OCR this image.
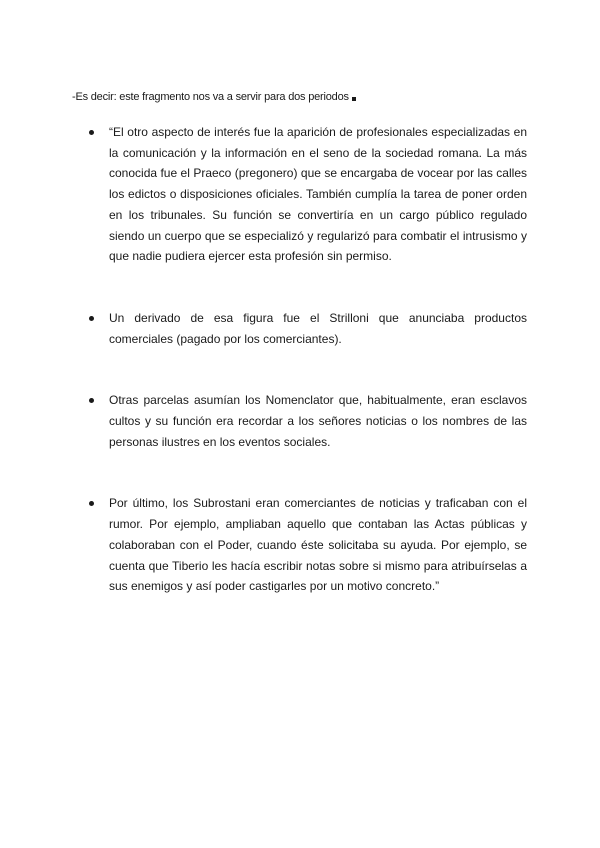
-Es decir: este fragmento nos va a servir para dos periodos
“El otro aspecto de interés fue la aparición de profesionales especializadas en la comunicación y la información en el seno de la sociedad romana. La más conocida fue el Praeco (pregonero) que se encargaba de vocear por las calles los edictos o disposiciones oficiales. También cumplía la tarea de poner orden en los tribunales. Su función se convertiría en un cargo público regulado siendo un cuerpo que se especializó y regularizó para combatir el intrusismo y que nadie pudiera ejercer esta profesión sin permiso.
Un derivado de esa figura fue el Strilloni que anunciaba productos comerciales (pagado por los comerciantes).
Otras parcelas asumían los Nomenclator que, habitualmente, eran esclavos cultos y su función era recordar a los señores noticias o los nombres de las personas ilustres en los eventos sociales.
Por último, los Subrostani eran comerciantes de noticias y traficaban con el rumor. Por ejemplo, ampliaban aquello que contaban las Actas públicas y colaboraban con el Poder, cuando éste solicitaba su ayuda. Por ejemplo, se cuenta que Tiberio les hacía escribir notas sobre si mismo para atribuírselas a sus enemigos y así poder castigarles por un motivo concreto.”
